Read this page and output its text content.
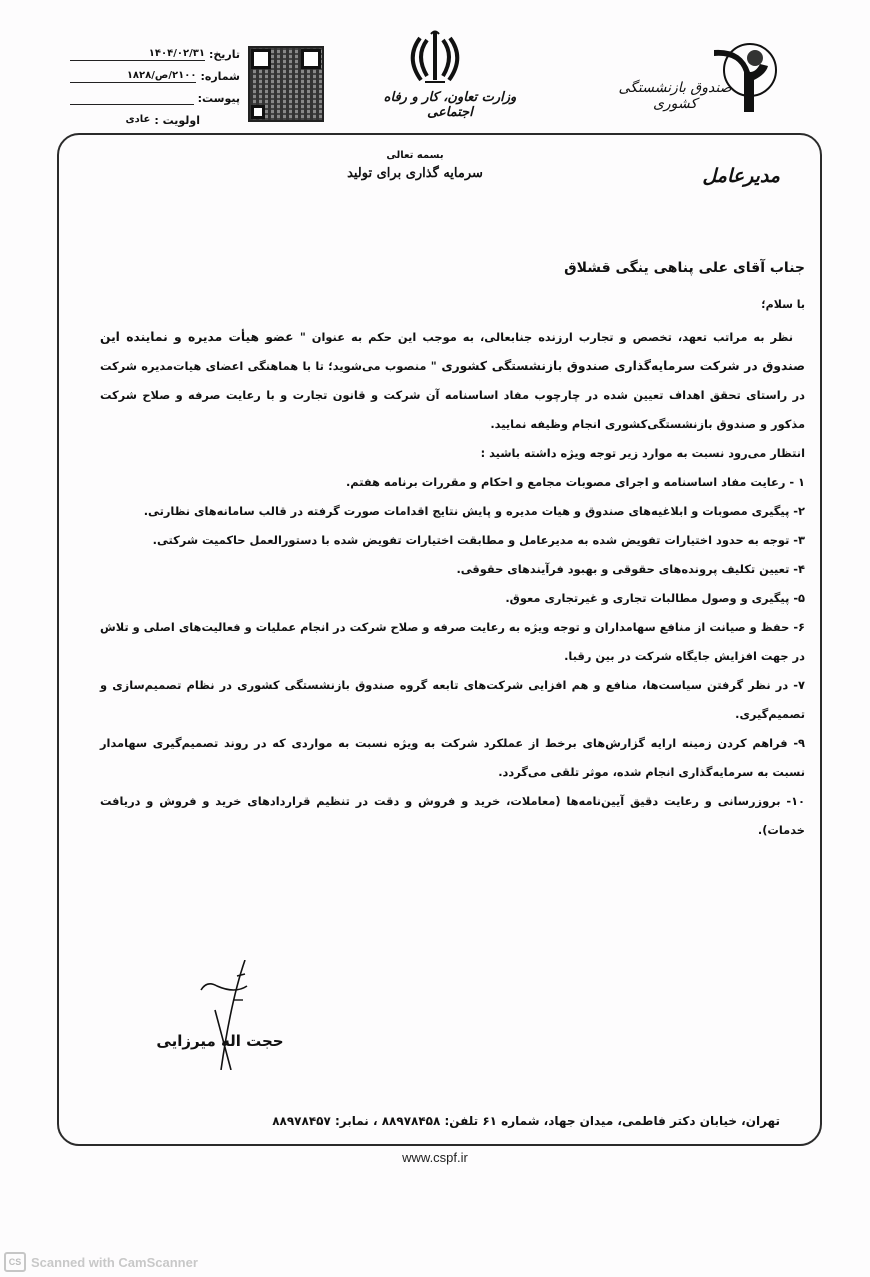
تاریخ:
۱۴۰۴/۰۲/۳۱
شماره:
۲۱۰۰/ص/۱۸۲۸
پیوست:
اولویت :
عادی
وزارت تعاون، کار و رفاه اجتماعی
صندوق بازنشستگی کشوری
بسمه تعالی
سرمایه گذاری برای تولید	مدیرعامل
جناب آقای علی پناهی ینگی قشلاق
با سلام؛

نظر به مراتب تعهد، تخصص و تجارب ارزنده جنابعالی، به موجب این حکم به عنوان " عضو هیأت مدیره و نماینده این صندوق در شرکت سرمایه‌گذاری صندوق بازنشستگی کشوری " منصوب می‌شوید؛ تا با هماهنگی اعضای هیات‌مدیره شرکت در راستای تحقق اهداف تعیین شده در چارچوب مفاد اساسنامه آن شرکت و قانون تجارت و با رعایت صرفه و صلاح شرکت مذکور و صندوق بازنشستگی‌کشوری انجام وظیفه نمایید.

انتظار می‌رود نسبت به موارد زیر توجه ویژه داشته باشید :
۱ - رعایت مفاد اساسنامه و اجرای مصوبات مجامع و احکام و مقررات برنامه هفتم.
۲- پیگیری مصوبات و ابلاغیه‌های صندوق و هیات مدیره و پایش نتایج اقدامات صورت گرفته در قالب سامانه‌های نظارتی.
۳- توجه به حدود اختیارات تفویض شده به مدیرعامل و مطابقت اختیارات تفویض شده با دستورالعمل حاکمیت شرکتی.
۴- تعیین تکلیف پرونده‌های حقوقی و بهبود فرآیندهای حقوقی.
۵- پیگیری و وصول مطالبات تجاری و غیرتجاری معوق.
۶- حفظ و صیانت از منافع سهامداران و توجه ویژه به رعایت صرفه و صلاح شرکت در انجام عملیات و فعالیت‌های اصلی و تلاش در جهت افزایش جایگاه شرکت در بین رقبا.
۷- در نظر گرفتن سیاست‌ها، منافع و هم افزایی شرکت‌های تابعه گروه صندوق بازنشستگی کشوری در نظام تصمیم‌سازی و تصمیم‌گیری.
۹- فراهم کردن زمینه ارایه گزارش‌های برخط از عملکرد شرکت به ویژه نسبت به مواردی که در روند تصمیم‌گیری سهامدار نسبت به سرمایه‌گذاری انجام شده، موثر تلقی می‌گردد.
۱۰- بروزرسانی و رعایت دقیق آیین‌نامه‌ها (معاملات، خرید و فروش و دقت در تنظیم قراردادهای خرید و فروش و دریافت خدمات).
حجت اله میرزایی
تهران، خیابان دکتر فاطمی، میدان جهاد، شماره ۶۱ تلفن: ۸۸۹۷۸۴۵۸ ، نمابر: ۸۸۹۷۸۴۵۷
www.cspf.ir
CS Scanned with CamScanner
